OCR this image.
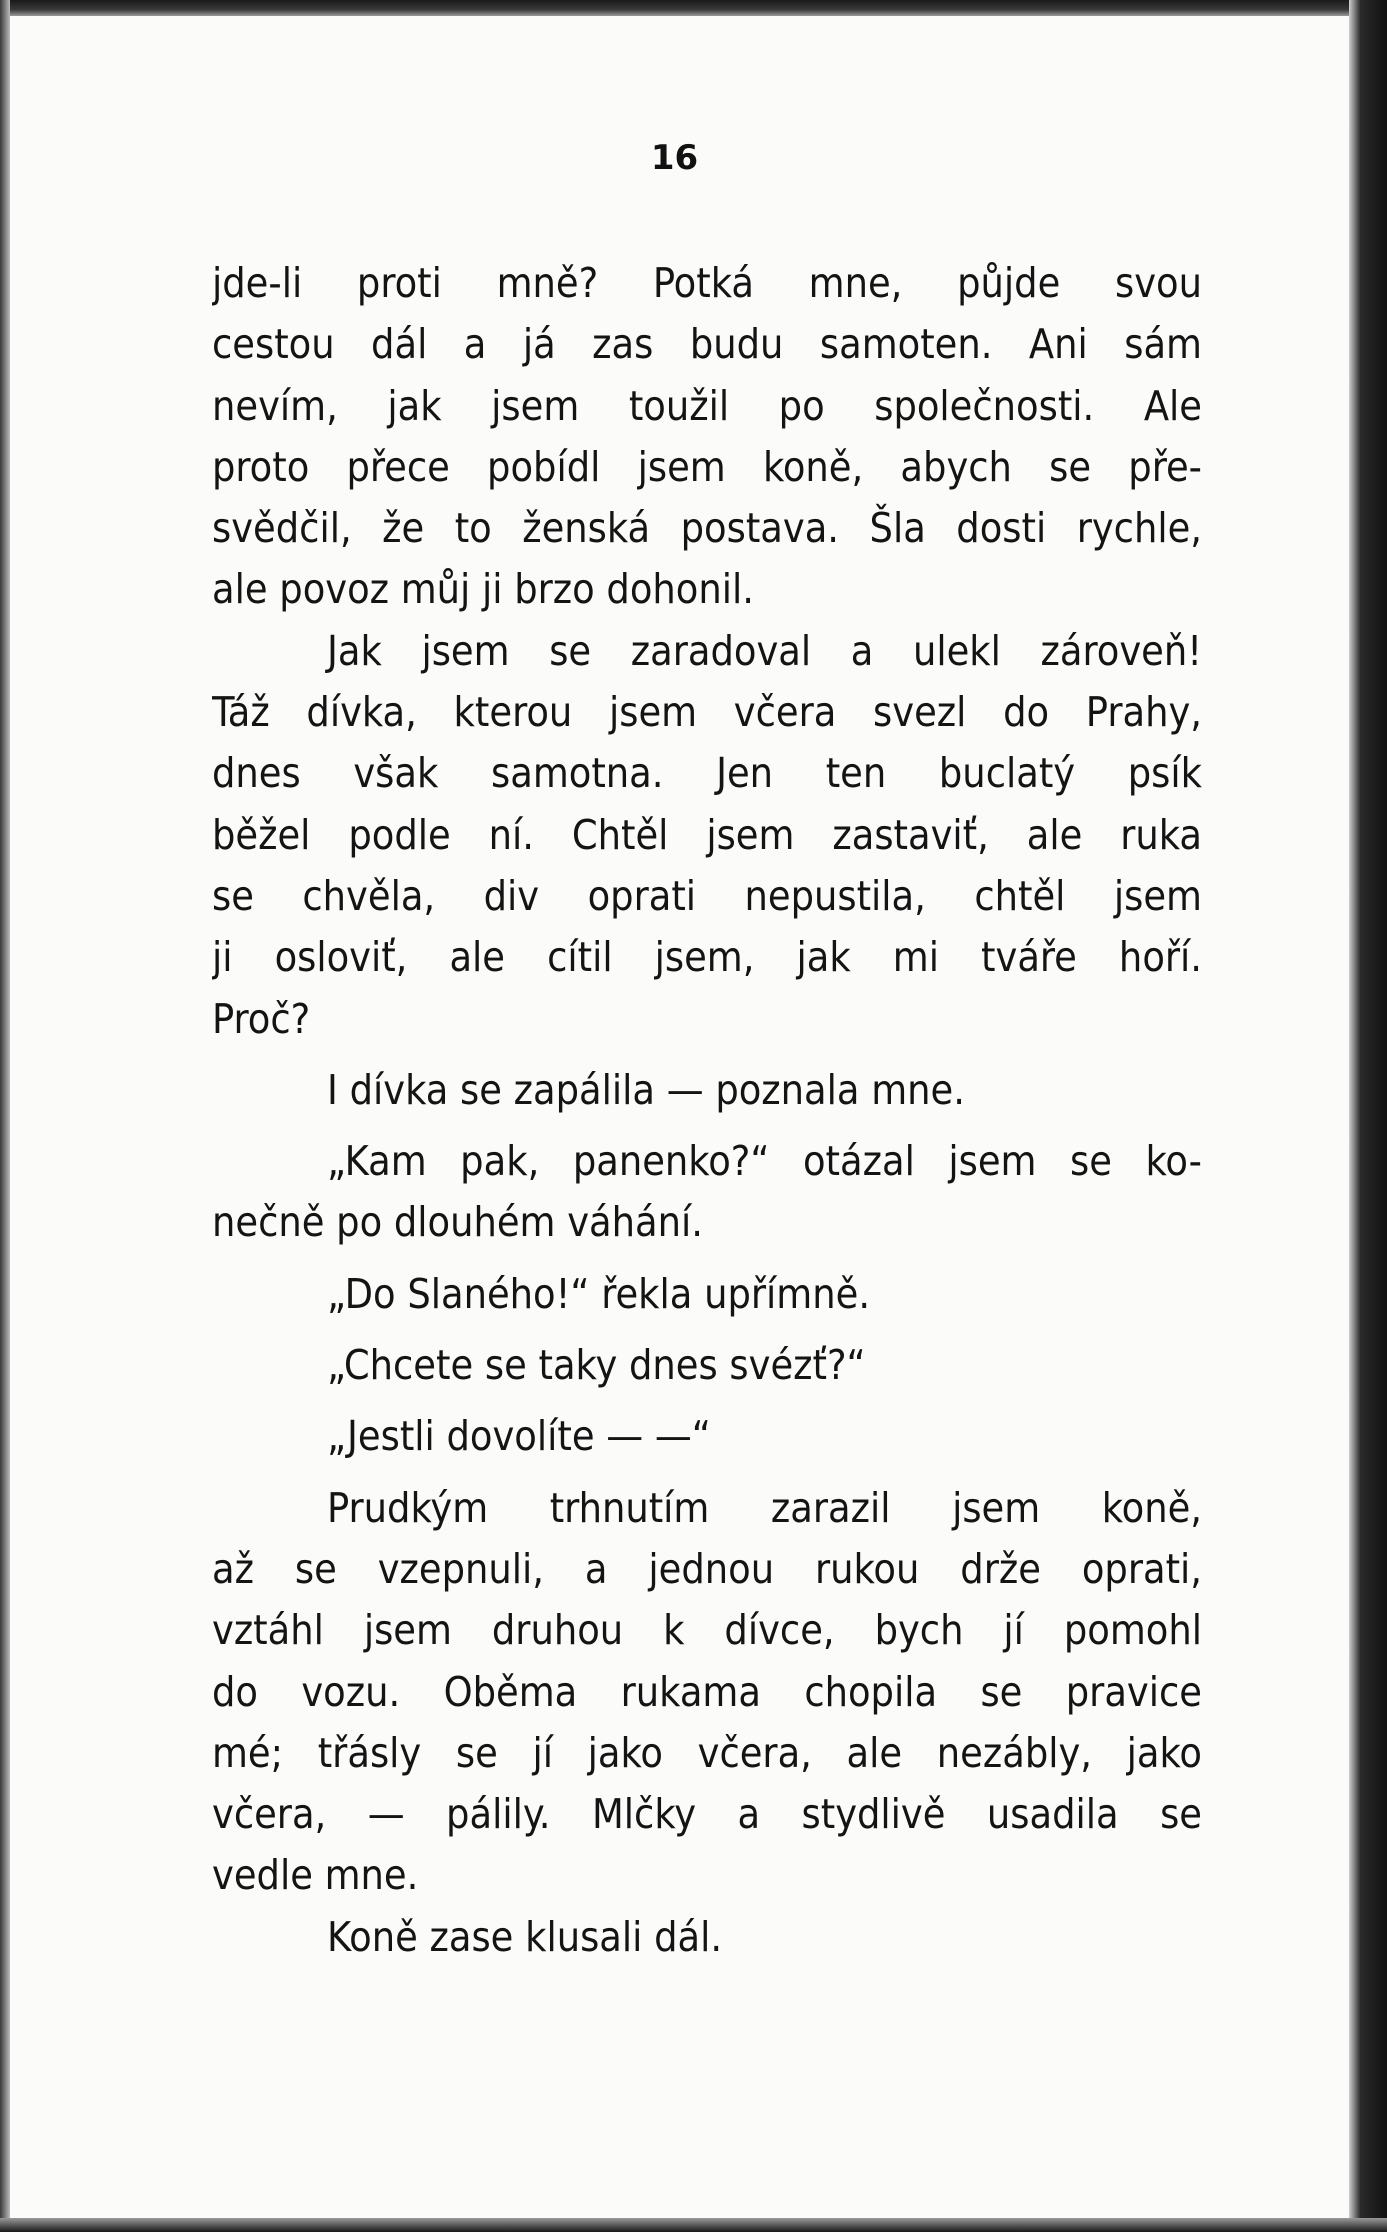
16
jde-li proti mně? Potká mne, půjde svou
cestou dál a já zas budu samoten. Ani sám
nevím, jak jsem toužil po společnosti. Ale
proto přece pobídl jsem koně, abych se pře-
svědčil, že to ženská postava. Šla dosti rychle,
ale povoz můj ji brzo dohonil.
Jak jsem se zaradoval a ulekl zároveň!
Táž dívka, kterou jsem včera svezl do Prahy,
dnes však samotna. Jen ten buclatý psík
běžel podle ní. Chtěl jsem zastaviť, ale ruka
se chvěla, div oprati nepustila, chtěl jsem
ji osloviť, ale cítil jsem, jak mi tváře hoří.
Proč?
I dívka se zapálila — poznala mne.
„Kam pak, panenko?“ otázal jsem se ko-
nečně po dlouhém váhání.
„Do Slaného!“ řekla upřímně.
„Chcete se taky dnes svézť?“
„Jestli dovolíte — —“
Prudkým trhnutím zarazil jsem koně,
až se vzepnuli, a jednou rukou drže oprati,
vztáhl jsem druhou k dívce, bych jí pomohl
do vozu. Oběma rukama chopila se pravice
mé; třásly se jí jako včera, ale nezábly, jako
včera, — pálily. Mlčky a stydlivě usadila se
vedle mne.
Koně zase klusali dál.
